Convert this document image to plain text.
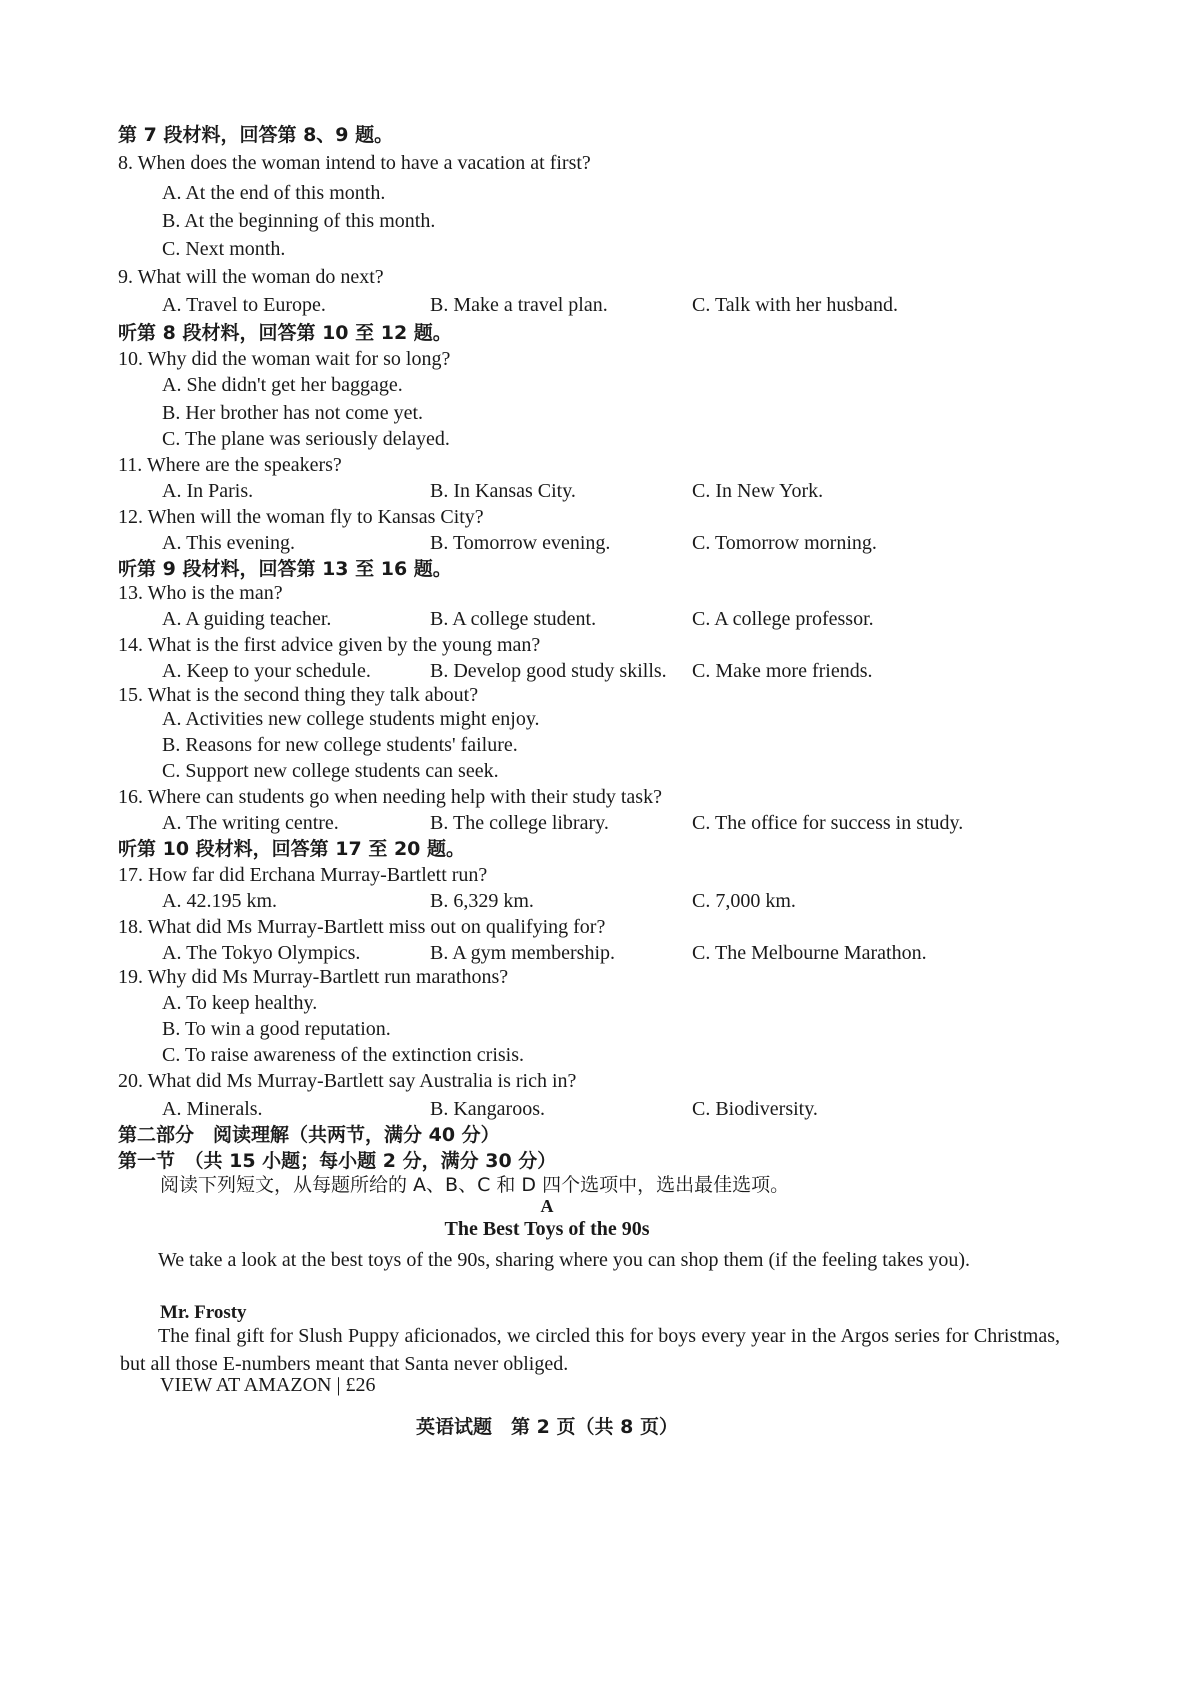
第 7 段材料，回答第 8、9 题。
8. When does the woman intend to have a vacation at first?
A. At the end of this month.
B. At the beginning of this month.
C. Next month.
9. What will the woman do next?
A. Travel to Europe.	B. Make a travel plan.	C. Talk with her husband.
听第 8 段材料，回答第 10 至 12 题。
10. Why did the woman wait for so long?
A. She didn't get her baggage.
B. Her brother has not come yet.
C. The plane was seriously delayed.
11. Where are the speakers?
A. In Paris.	B. In Kansas City.	C. In New York.
12. When will the woman fly to Kansas City?
A. This evening.	B. Tomorrow evening.	C. Tomorrow morning.
听第 9 段材料，回答第 13 至 16 题。
13. Who is the man?
A. A guiding teacher.	B. A college student.	C. A college professor.
14. What is the first advice given by the young man?
A. Keep to your schedule.	B. Develop good study skills. C. Make more friends.
15. What is the second thing they talk about?
A. Activities new college students might enjoy.
B. Reasons for new college students' failure.
C. Support new college students can seek.
16. Where can students go when needing help with their study task?
A. The writing centre.	B. The college library.	C. The office for success in study.
听第 10 段材料，回答第 17 至 20 题。
17. How far did Erchana Murray-Bartlett run?
A. 42.195 km.	B. 6,329 km.	C. 7,000 km.
18. What did Ms Murray-Bartlett miss out on qualifying for?
A. The Tokyo Olympics.	B. A gym membership.	C. The Melbourne Marathon.
19. Why did Ms Murray-Bartlett run marathons?
A. To keep healthy.
B. To win a good reputation.
C. To raise awareness of the extinction crisis.
20. What did Ms Murray-Bartlett say Australia is rich in?
A. Minerals.	B. Kangaroos.	C. Biodiversity.
第二部分　阅读理解（共两节，满分 40 分）
第一节　（共 15 小题；每小题 2 分，满分 30 分）
阅读下列短文，从每题所给的 A、B、C 和 D 四个选项中，选出最佳选项。
A
The Best Toys of the 90s
We take a look at the best toys of the 90s, sharing where you can shop them (if the feeling takes you).
Mr. Frosty
The final gift for Slush Puppy aficionados, we circled this for boys every year in the Argos series for Christmas, but all those E-numbers meant that Santa never obliged.
VIEW AT AMAZON | £26
英语试题　第 2 页（共 8 页）
